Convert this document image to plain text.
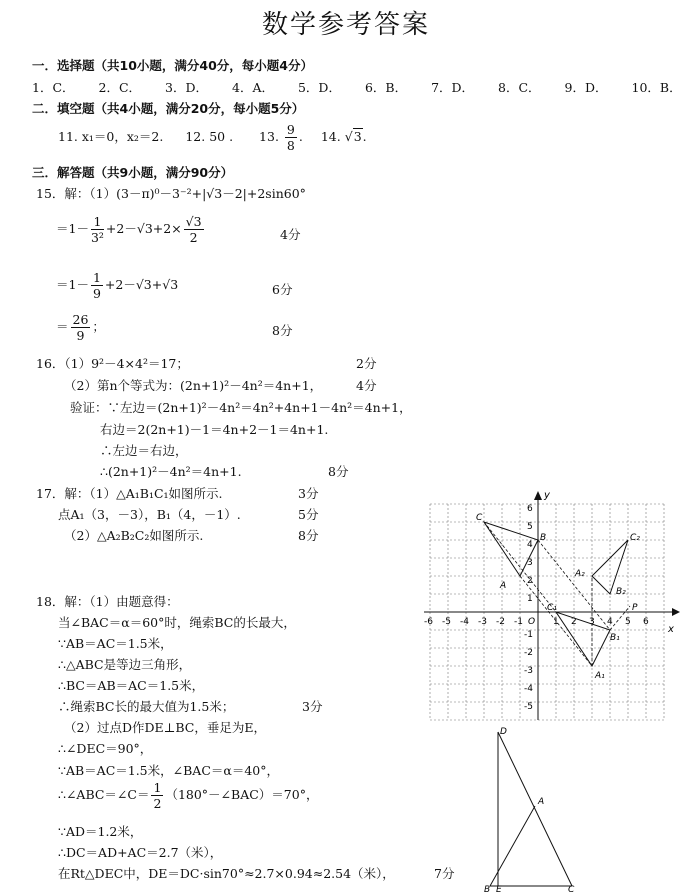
数学参考答案
一．选择题（共10小题，满分40分，每小题4分）
1．C． 2．C． 3．D． 4．A． 5．D． 6．B． 7．D． 8．C． 9．D． 10．B．
二．填空题（共4小题，满分20分，每小题5分）
11. x₁＝0，x₂＝2. 12. 50 . 13. $\frac{9}{8}$ . 14. √3.
三．解答题（共9小题，满分90分）
15．解：（1）(3－π)⁰－3⁻²+|√3－2|+2sin60°
$=1- \frac{1}{\text{3²}} +2-√3+2\times \frac{√3}{2}$	4分
$=1- \frac{1}{9} +2-√3+√3$	6分
＝ $\frac{26}{9}$ ；	8分
16．（1）9²－4×4²＝17；	2分
（2）第n个等式为：(2n+1)²－4n²＝4n+1，	4分
验证：∵左边＝(2n+1)²－4n²＝4n²+4n+1－4n²＝4n+1，
右边＝2(2n+1)－1＝4n+2－1＝4n+1.
∴左边＝右边，
∴(2n+1)²－4n²＝4n+1.	8分
17．解：（1）△A₁B₁C₁如图所示.	3分
点A₁（3，－3），B₁（4，－1）.	5分
（2）△A₂B₂C₂如图所示.	8分
18．解：（1）由题意得：
当∠BAC＝α＝60°时，绳索BC的长最大，
∵AB＝AC＝1.5米，
∴△ABC是等边三角形，
∴BC＝AB＝AC＝1.5米，
∴绳索BC长的最大值为1.5米；	3分
（2）过点D作DE⊥BC，垂足为E，
∴∠DEC＝90°，
∵AB＝AC＝1.5米，∠BAC＝α＝40°，
∴∠ABC＝∠C＝ $\frac{1}{2}$ （180°－∠BAC）＝70°，
∵AD＝1.2米，
∴DC＝AD+AC＝2.7（米），
在Rt△DEC中，DE＝DC·sin70°≈2.7×0.94≈2.54（米），	7分
x
y
O
-6 -5 -4 -3 -2 -1	1 2 3 4 5 6
6
5
4
3
2
1
-1
-2
-3
-4
-5
C
B
A
C₁
B₁
A₁
A₂
B₂
C₂
P
D
A
B E	C
